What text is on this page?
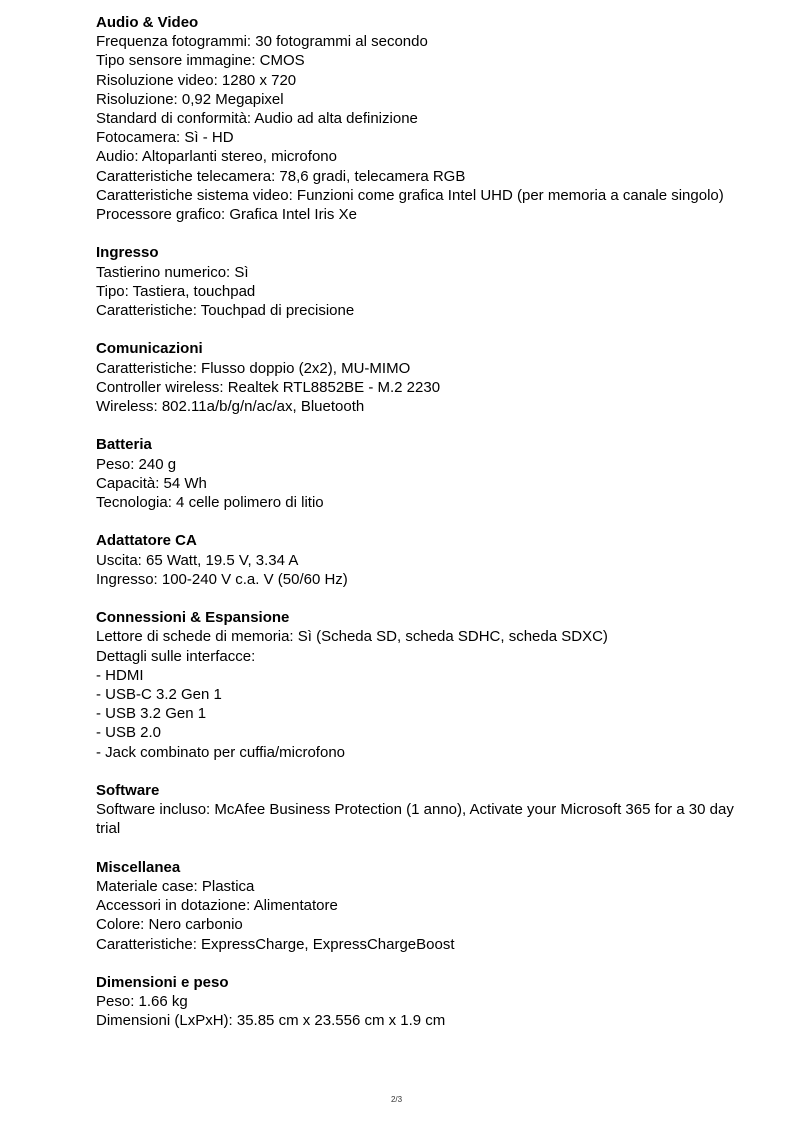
Audio & Video
Frequenza fotogrammi: 30 fotogrammi al secondo
Tipo sensore immagine: CMOS
Risoluzione video: 1280 x 720
Risoluzione: 0,92 Megapixel
Standard di conformità: Audio ad alta definizione
Fotocamera: Sì - HD
Audio: Altoparlanti stereo, microfono
Caratteristiche telecamera: 78,6 gradi, telecamera RGB
Caratteristiche sistema video: Funzioni come grafica Intel UHD (per memoria a canale singolo)
Processore grafico: Grafica Intel Iris Xe
Ingresso
Tastierino numerico: Sì
Tipo: Tastiera, touchpad
Caratteristiche: Touchpad di precisione
Comunicazioni
Caratteristiche: Flusso doppio (2x2), MU-MIMO
Controller wireless: Realtek RTL8852BE - M.2 2230
Wireless: 802.11a/b/g/n/ac/ax, Bluetooth
Batteria
Peso: 240 g
Capacità: 54 Wh
Tecnologia: 4 celle polimero di litio
Adattatore CA
Uscita: 65 Watt, 19.5 V, 3.34 A
Ingresso: 100-240 V c.a. V (50/60 Hz)
Connessioni & Espansione
Lettore di schede di memoria: Sì (Scheda SD, scheda SDHC, scheda SDXC)
Dettagli sulle interfacce:
- HDMI
- USB-C 3.2 Gen 1
- USB 3.2 Gen 1
- USB 2.0
- Jack combinato per cuffia/microfono
Software
Software incluso: McAfee Business Protection (1 anno), Activate your Microsoft 365 for a 30 day trial
Miscellanea
Materiale case: Plastica
Accessori in dotazione: Alimentatore
Colore: Nero carbonio
Caratteristiche: ExpressCharge, ExpressChargeBoost
Dimensioni e peso
Peso: 1.66 kg
Dimensioni (LxPxH): 35.85 cm x 23.556 cm x 1.9 cm
2/3
